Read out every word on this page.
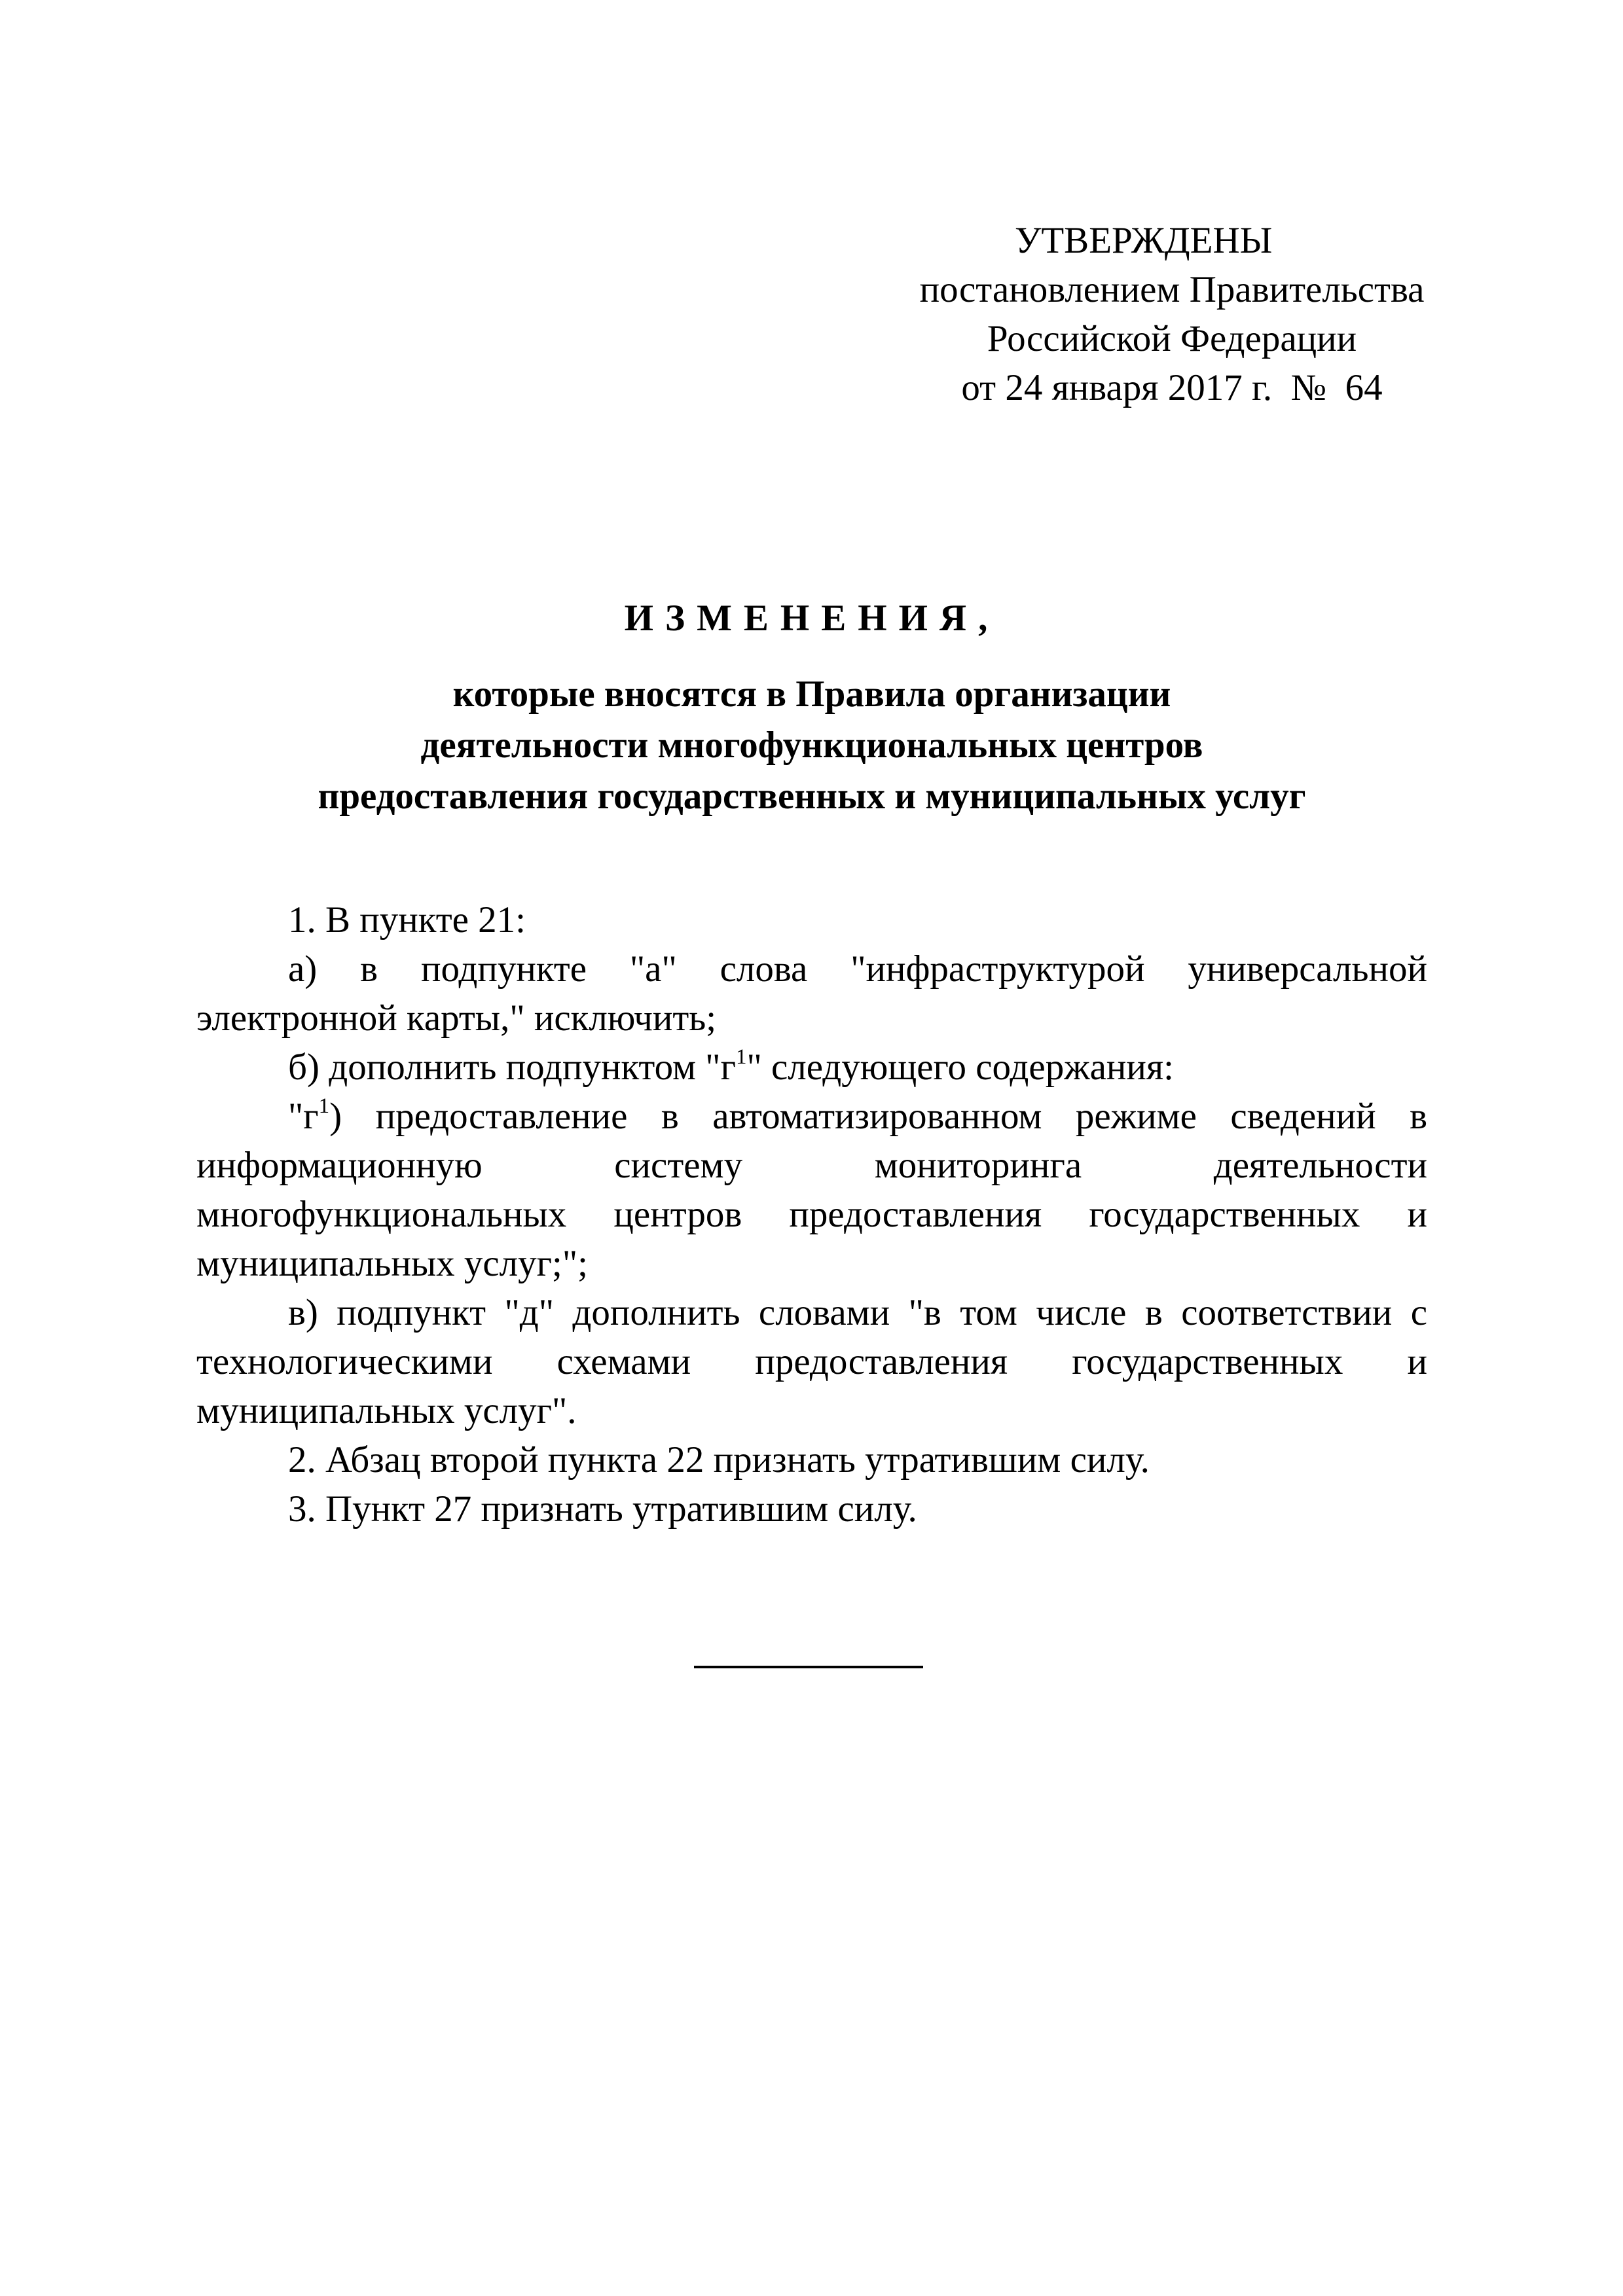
УТВЕРЖДЕНЫ
постановлением Правительства
Российской Федерации
от 24 января 2017 г. № 64
ИЗМЕНЕНИЯ,
которые вносятся в Правила организации
деятельности многофункциональных центров
предоставления государственных и муниципальных услуг

1. В пункте 21:

а) в подпункте "а" слова "инфраструктурой универсальной электронной карты," исключить;

б) дополнить подпунктом "$г^1$" следующего содержания:

"$г^1$) предоставление в автоматизированном режиме сведений в информационную систему мониторинга деятельности многофункциональных центров предоставления государственных и муниципальных услуг;";

в) подпункт "д" дополнить словами "в том числе в соответствии с технологическими схемами предоставления государственных и муниципальных услуг".

2. Абзац второй пункта 22 признать утратившим силу.

3. Пункт 27 признать утратившим силу.
